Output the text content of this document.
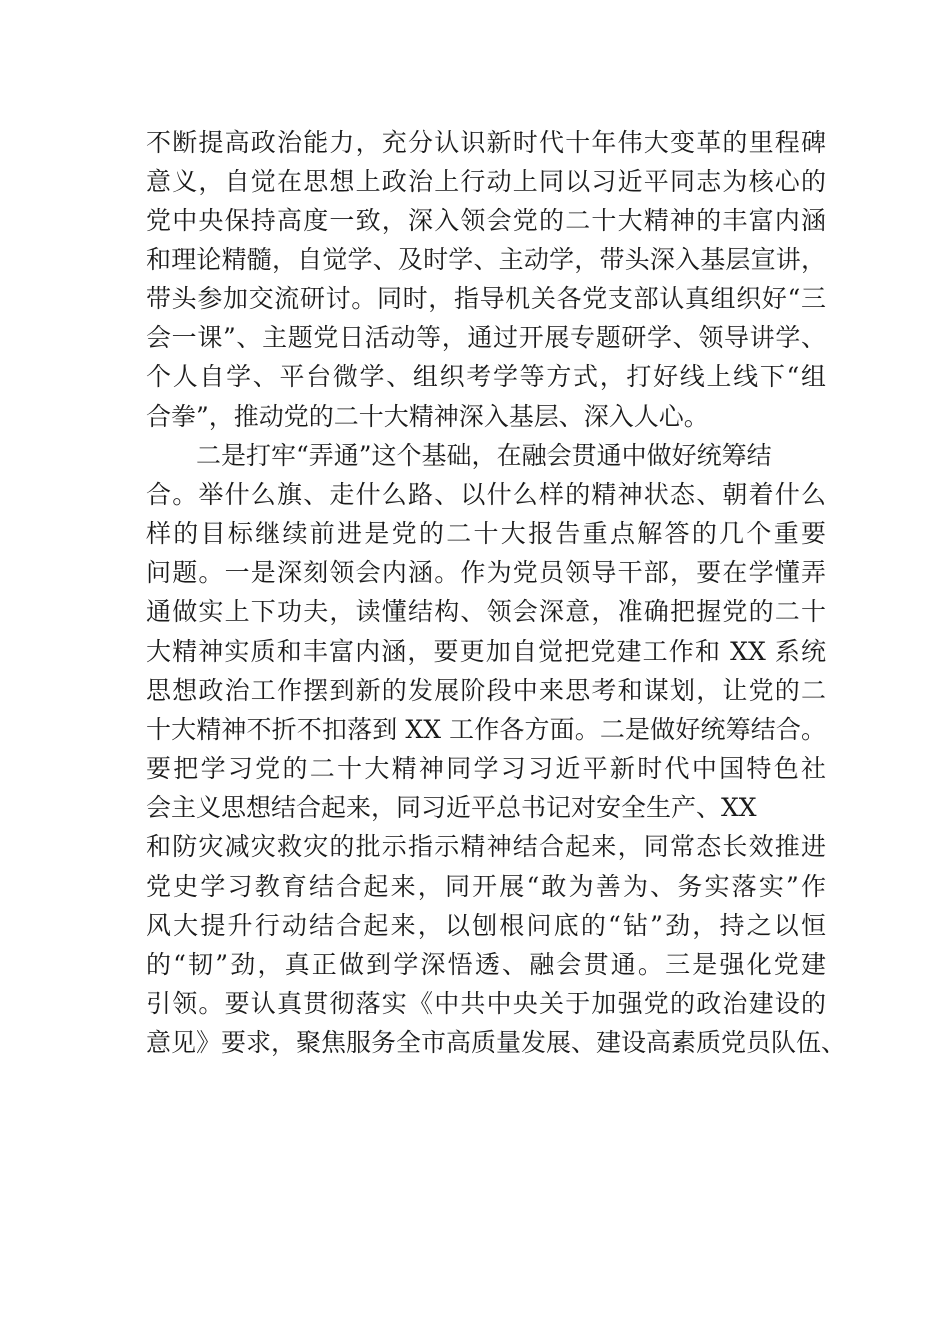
不断提高政治能力，充分认识新时代十年伟大变革的里程碑
意义，自觉在思想上政治上行动上同以习近平同志为核心的
党中央保持高度一致，深入领会党的二十大精神的丰富内涵
和理论精髓，自觉学、及时学、主动学，带头深入基层宣讲，
带头参加交流研讨。同时，指导机关各党支部认真组织好“三
会一课”、主题党日活动等，通过开展专题研学、领导讲学、
个人自学、平台微学、组织考学等方式，打好线上线下“组
合拳”，推动党的二十大精神深入基层、深入人心。
二是打牢“弄通”这个基础，在融会贯通中做好统筹结
合。举什么旗、走什么路、以什么样的精神状态、朝着什么
样的目标继续前进是党的二十大报告重点解答的几个重要
问题。一是深刻领会内涵。作为党员领导干部，要在学懂弄
通做实上下功夫，读懂结构、领会深意，准确把握党的二十
大精神实质和丰富内涵，要更加自觉把党建工作和 XX 系统
思想政治工作摆到新的发展阶段中来思考和谋划，让党的二
十大精神不折不扣落到 XX 工作各方面。二是做好统筹结合。
要把学习党的二十大精神同学习习近平新时代中国特色社
会主义思想结合起来，同习近平总书记对安全生产、XX
和防灾减灾救灾的批示指示精神结合起来，同常态长效推进
党史学习教育结合起来，同开展“敢为善为、务实落实”作
风大提升行动结合起来，以刨根问底的“钻”劲，持之以恒
的“韧”劲，真正做到学深悟透、融会贯通。三是强化党建
引领。要认真贯彻落实《中共中央关于加强党的政治建设的
意见》要求，聚焦服务全市高质量发展、建设高素质党员队伍、
